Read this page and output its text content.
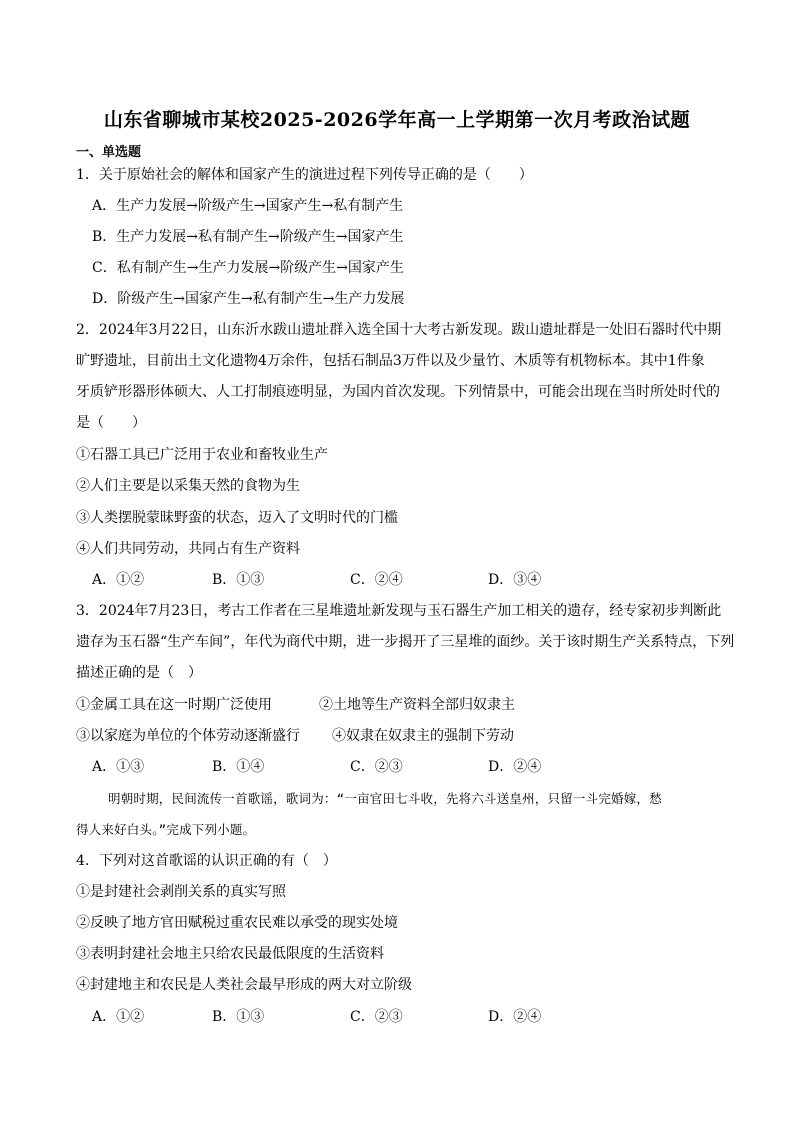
山东省聊城市某校2025-2026学年高一上学期第一次月考政治试题
一、单选题
1．关于原始社会的解体和国家产生的演进过程下列传导正确的是（　　）
A．生产力发展→阶级产生→国家产生→私有制产生
B．生产力发展→私有制产生→阶级产生→国家产生
C．私有制产生→生产力发展→阶级产生→国家产生
D．阶级产生→国家产生→私有制产生→生产力发展
2．2024年3月22日，山东沂水跋山遗址群入选全国十大考古新发现。跋山遗址群是一处旧石器时代中期
旷野遗址，目前出土文化遗物4万余件，包括石制品3万件以及少量竹、木质等有机物标本。其中1件象
牙质铲形器形体硕大、人工打制痕迹明显，为国内首次发现。下列情景中，可能会出现在当时所处时代的
是（　　）
①石器工具已广泛用于农业和畜牧业生产
②人们主要是以采集天然的食物为生
③人类摆脱蒙昧野蛮的状态，迈入了文明时代的门槛
④人们共同劳动，共同占有生产资料
A．①②	B．①③	C．②④	D．③④
3．2024年7月23日，考古工作者在三星堆遗址新发现与玉石器生产加工相关的遗存，经专家初步判断此
遗存为玉石器“生产车间”，年代为商代中期，进一步揭开了三星堆的面纱。关于该时期生产关系特点，下列
描述正确的是（　）
①金属工具在这一时期广泛使用	②土地等生产资料全部归奴隶主
③以家庭为单位的个体劳动逐渐盛行 ④奴隶在奴隶主的强制下劳动
A．①③	B．①④	C．②③	D．②④
明朝时期，民间流传一首歌谣，歌词为：“一亩官田七斗收，先将六斗送皇州，只留一斗完婚嫁，愁
得人来好白头。”完成下列小题。
4．下列对这首歌谣的认识正确的有（　）
①是封建社会剥削关系的真实写照
②反映了地方官田赋税过重农民难以承受的现实处境
③表明封建社会地主只给农民最低限度的生活资料
④封建地主和农民是人类社会最早形成的两大对立阶级
A．①②	B．①③	C．②③	D．②④
